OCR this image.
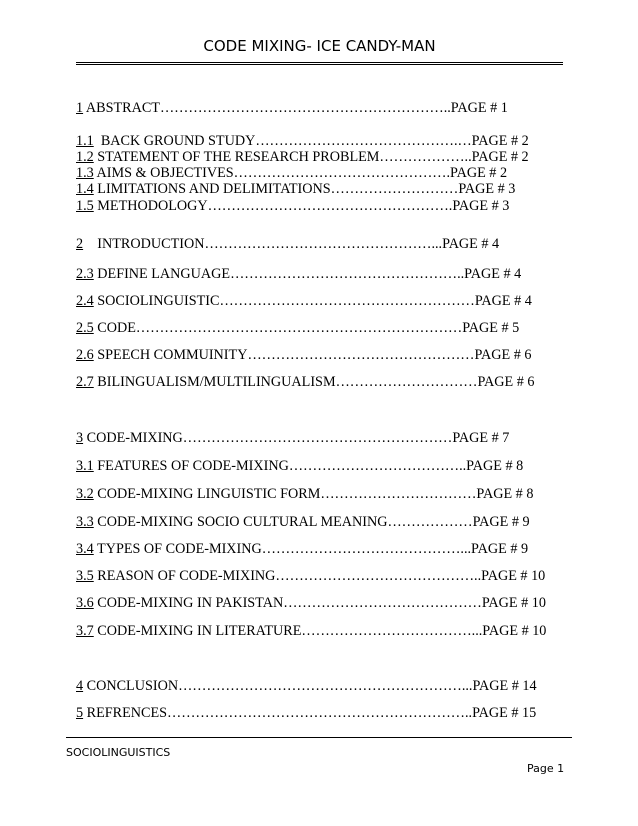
CODE MIXING- ICE CANDY-MAN
1 ABSTRACT……………………………………………………..PAGE # 1
1.1 BACK GROUND STUDY…………………………………….…PAGE # 2
1.2 STATEMENT OF THE RESEARCH PROBLEM………………..PAGE # 2
1.3 AIMS & OBJECTIVES……………………………………….PAGE # 2
1.4 LIMITATIONS AND DELIMITATIONS………………………PAGE # 3
1.5 METHODOLOGY…………………………………………….PAGE # 3
2 INTRODUCTION…………………………………………...PAGE # 4
2.3 DEFINE LANGUAGE…………………………………………..PAGE # 4
2.4 SOCIOLINGUISTIC………………………………………………PAGE # 4
2.5 CODE……………………………………………………………PAGE # 5
2.6 SPEECH COMMUINITY…………………………………………PAGE # 6
2.7 BILINGUALISM/MULTILINGUALISM…………………………PAGE # 6
3 CODE-MIXING…………………………………………………PAGE # 7
3.1 FEATURES OF CODE-MIXING………………………………..PAGE # 8
3.2 CODE-MIXING LINGUISTIC FORM……………………………PAGE # 8
3.3 CODE-MIXING SOCIO CULTURAL MEANING………………PAGE # 9
3.4 TYPES OF CODE-MIXING……………………………………...PAGE # 9
3.5 REASON OF CODE-MIXING……………………………………..PAGE # 10
3.6 CODE-MIXING IN PAKISTAN……………………………………PAGE # 10
3.7 CODE-MIXING IN LITERATURE………………………………...PAGE # 10
4 CONCLUSION……………………………………………………...PAGE # 14
5 REFRENCES………………………………………………………..PAGE # 15
SOCIOLINGUISTICS
Page 1
